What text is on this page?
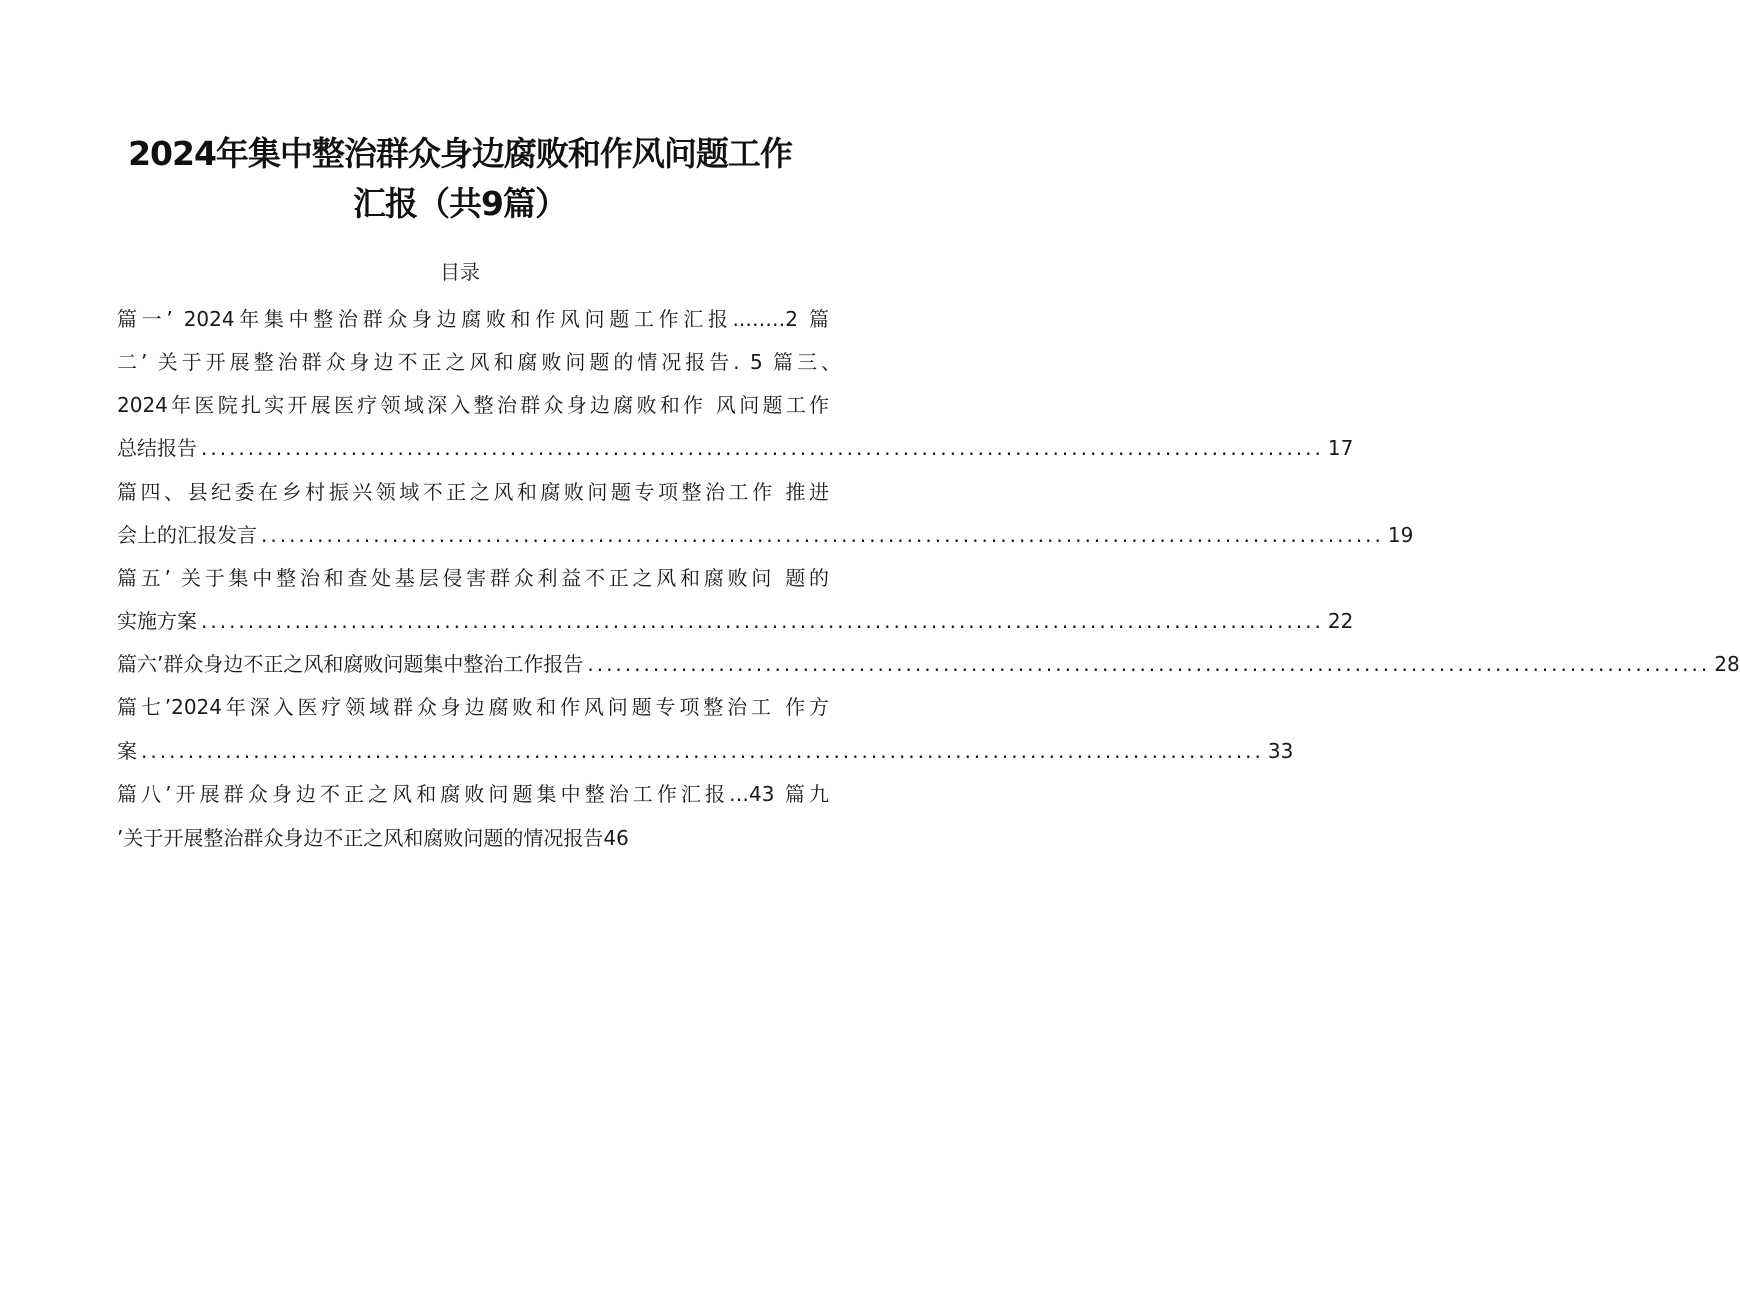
2024年集中整治群众身边腐败和作风问题工作
汇报（共9篇）
目录
篇一’ 2024年集中整治群众身边腐败和作风问题工作汇报..……2 篇
二’ 关于开展整治群众身边不正之风和腐败问题的情况报告. 5 篇三、
2024年医院扎实开展医疗领域深入整治群众身边腐败和作 风问题工作
总结报告 ........................................................................................................................ 17
篇四、县纪委在乡村振兴领域不正之风和腐败问题专项整治工作 推进
会上的汇报发言 ........................................................................................................................ 19
篇五’ 关于集中整治和查处基层侵害群众利益不正之风和腐败问 题的
实施方案 ........................................................................................................................ 22
篇六’群众身边不正之风和腐败问题集中整治工作报告 ........................................................................................................................ 28
篇七’2024年深入医疗领域群众身边腐败和作风问题专项整治工 作方
案 ........................................................................................................................ 33
篇八’开展群众身边不正之风和腐败问题集中整治工作汇报…43 篇九
’关于开展整治群众身边不正之风和腐败问题的情况报告46
